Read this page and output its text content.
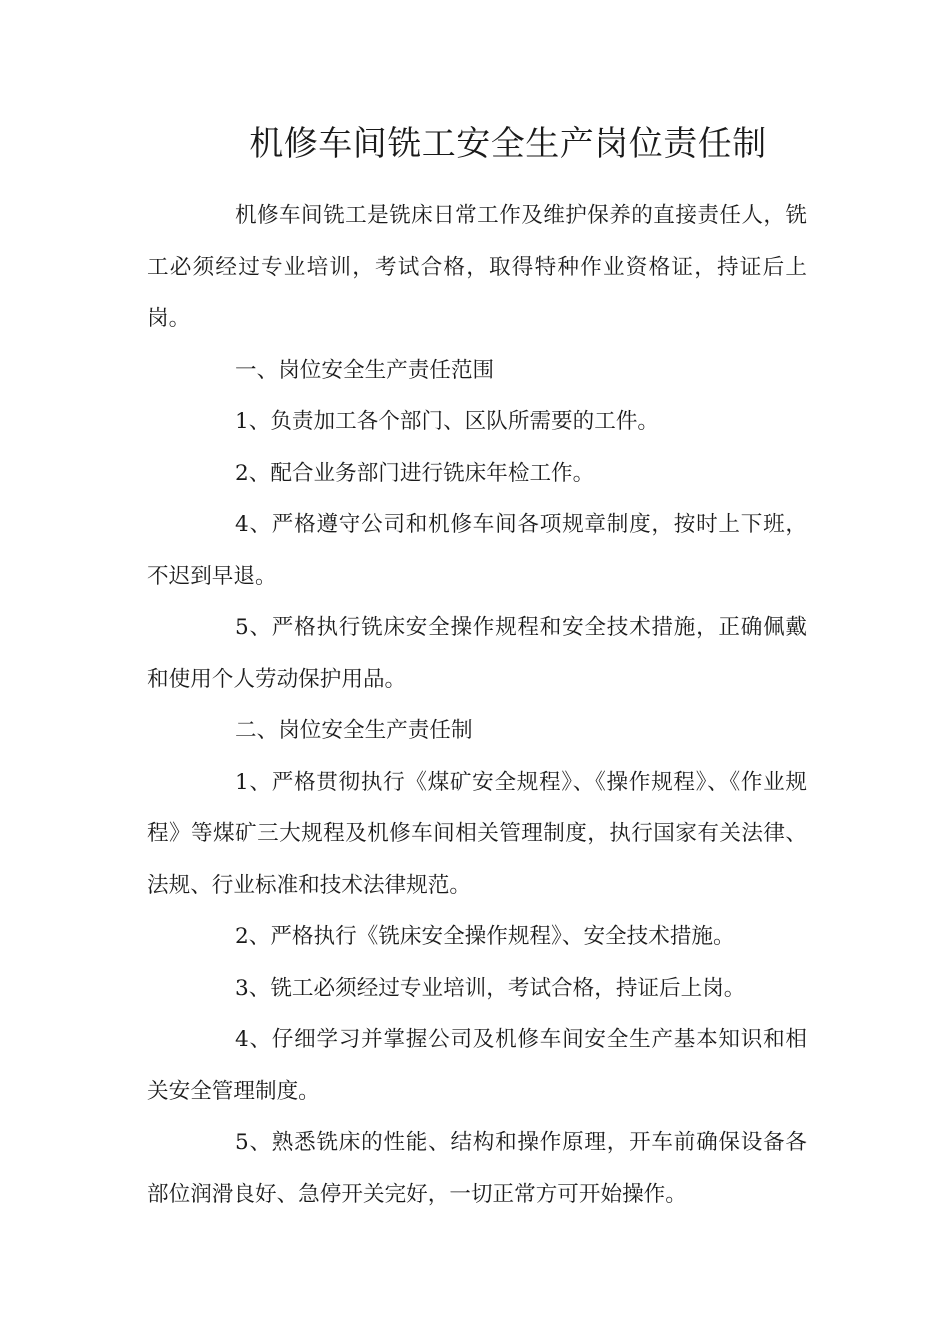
机修车间铣工安全生产岗位责任制

机修车间铣工是铣床日常工作及维护保养的直接责任人，铣工必须经过专业培训，考试合格，取得特种作业资格证，持证后上岗。

一、岗位安全生产责任范围

1、负责加工各个部门、区队所需要的工件。

2、配合业务部门进行铣床年检工作。

4、严格遵守公司和机修车间各项规章制度，按时上下班，不迟到早退。

5、严格执行铣床安全操作规程和安全技术措施，正确佩戴和使用个人劳动保护用品。

二、岗位安全生产责任制

1、严格贯彻执行《煤矿安全规程》、《操作规程》、《作业规程》等煤矿三大规程及机修车间相关管理制度，执行国家有关法律、法规、行业标准和技术法律规范。

2、严格执行《铣床安全操作规程》、安全技术措施。

3、铣工必须经过专业培训，考试合格，持证后上岗。

4、仔细学习并掌握公司及机修车间安全生产基本知识和相关安全管理制度。

5、熟悉铣床的性能、结构和操作原理，开车前确保设备各部位润滑良好、急停开关完好，一切正常方可开始操作。
